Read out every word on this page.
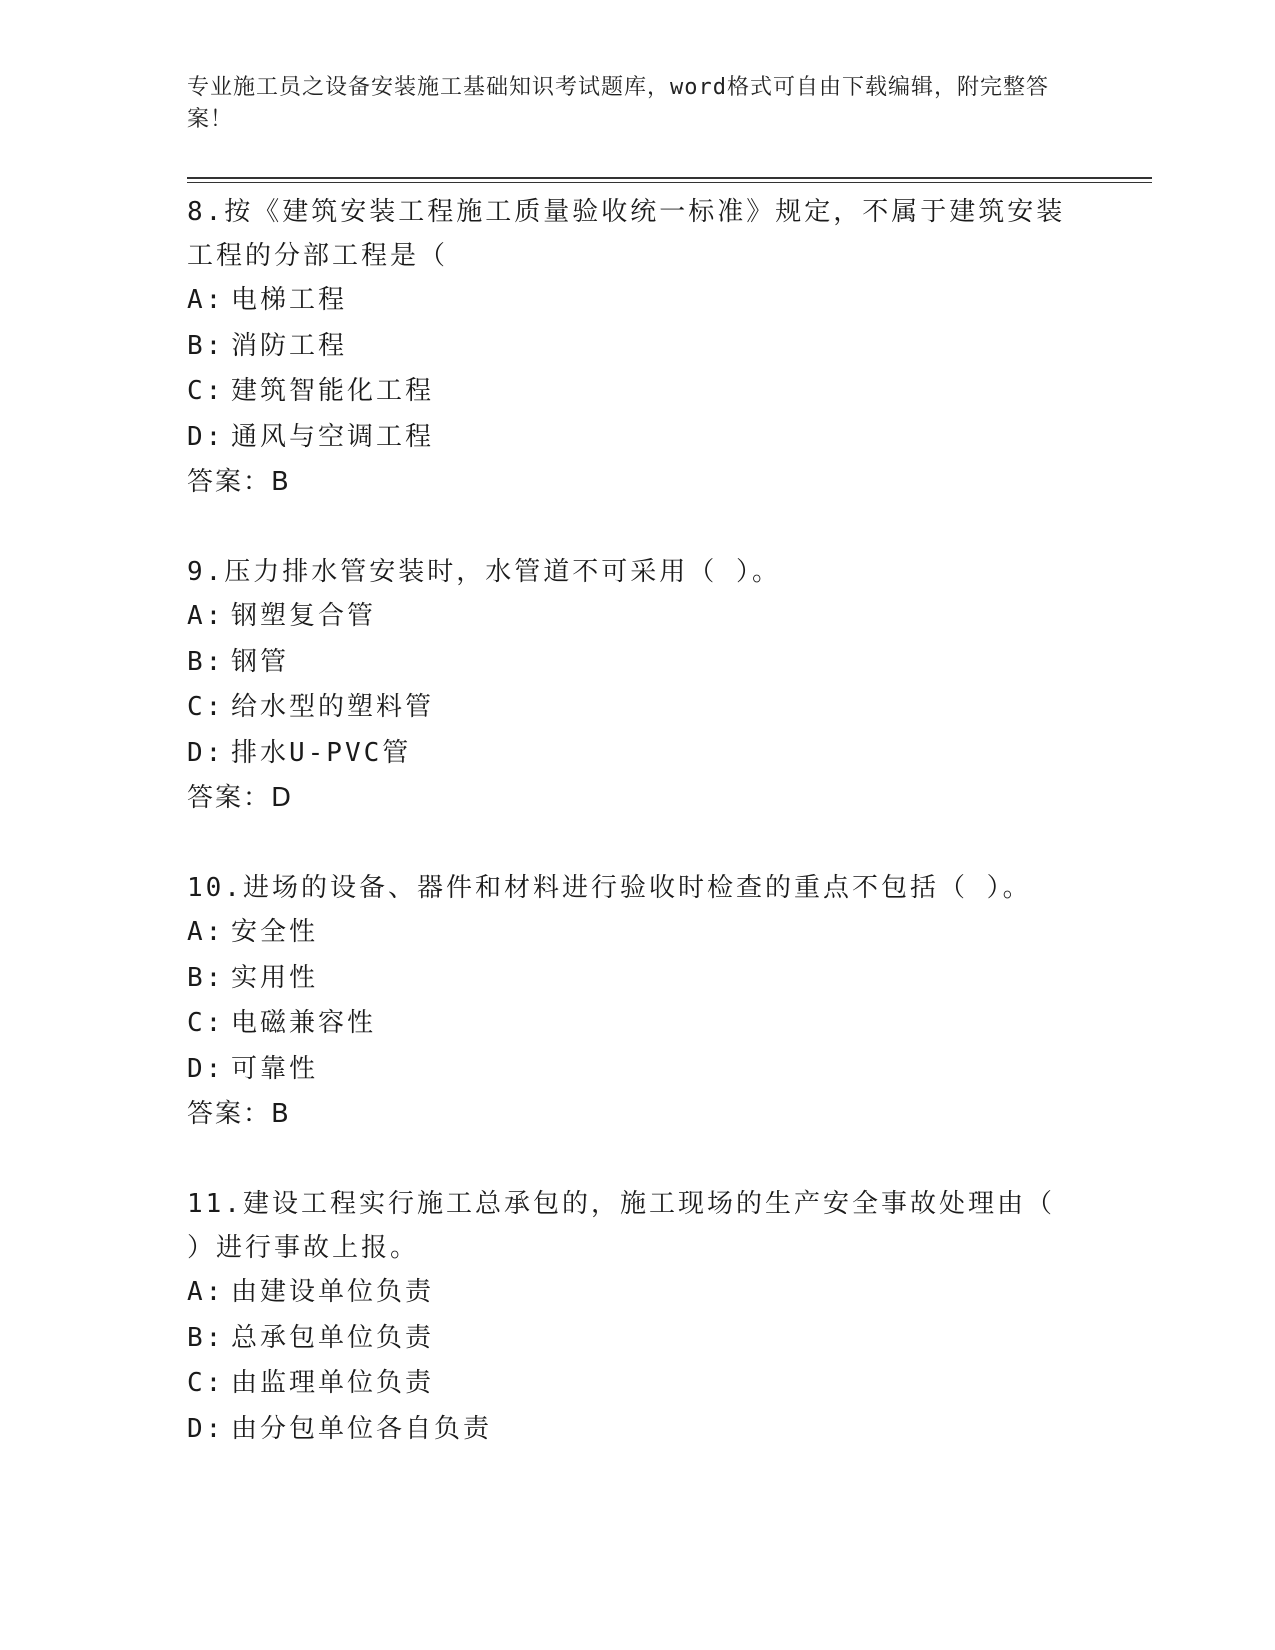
专业施工员之设备安装施工基础知识考试题库，word格式可自由下载编辑，附完整答案！
8.按《建筑安装工程施工质量验收统一标准》规定，不属于建筑安装工程的分部工程是（
A: 电梯工程
B: 消防工程
C: 建筑智能化工程
D: 通风与空调工程
答案：B
9.压力排水管安装时，水管道不可采用（ ）。
A: 钢塑复合管
B: 钢管
C: 给水型的塑料管
D: 排水U-PVC管
答案：D
10.进场的设备、器件和材料进行验收时检查的重点不包括（ ）。
A: 安全性
B: 实用性
C: 电磁兼容性
D: 可靠性
答案：B
11.建设工程实行施工总承包的，施工现场的生产安全事故处理由（ ）进行事故上报。
A: 由建设单位负责
B: 总承包单位负责
C: 由监理单位负责
D: 由分包单位各自负责
